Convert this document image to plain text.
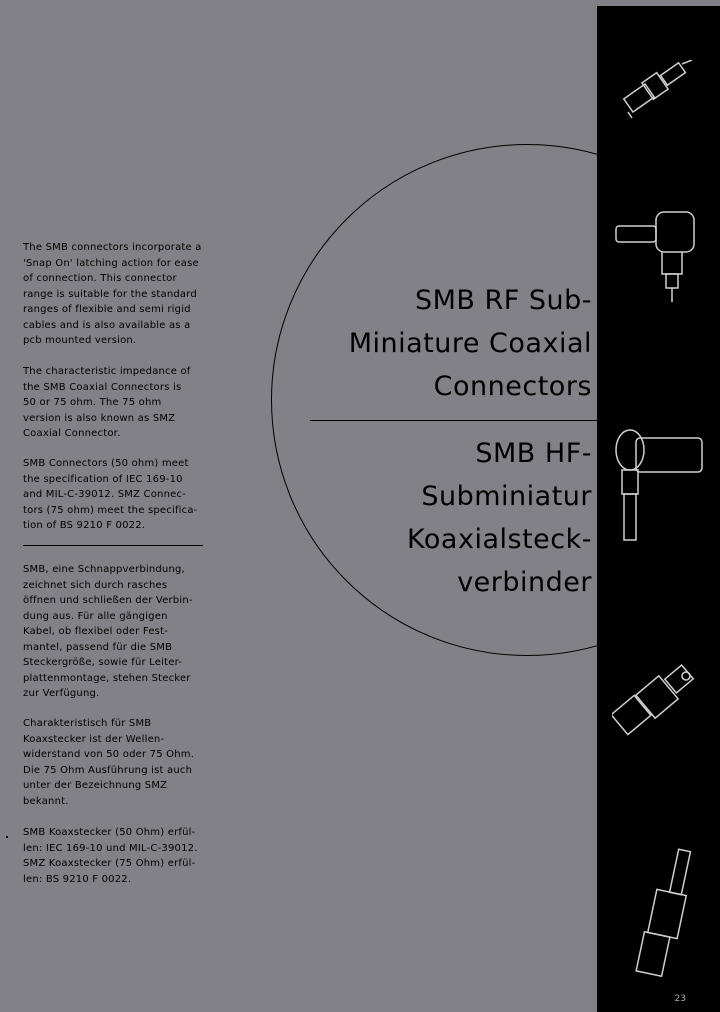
SMB RF Sub-
Miniature Coaxial
Connectors
SMB HF-
Subminiatur
Koaxialsteck-
verbinder

The SMB connectors incorporate a
'Snap On' latching action for ease
of connection. This connector
range is suitable for the standard
ranges of flexible and semi rigid
cables and is also available as a
pcb mounted version.

The characteristic impedance of
the SMB Coaxial Connectors is
50 or 75 ohm. The 75 ohm
version is also known as SMZ
Coaxial Connector.

SMB Connectors (50 ohm) meet
the specification of IEC 169-10
and MIL-C-39012. SMZ Connec-
tors (75 ohm) meet the specifica-
tion of BS 9210 F 0022.

SMB, eine Schnappverbindung,
zeichnet sich durch rasches
öffnen und schließen der Verbin-
dung aus. Für alle gängigen
Kabel, ob flexibel oder Fest-
mantel, passend für die SMB
Steckergröße, sowie für Leiter-
plattenmontage, stehen Stecker
zur Verfügung.

Charakteristisch für SMB
Koaxstecker ist der Wellen-
widerstand von 50 oder 75 Ohm.
Die 75 Ohm Ausführung ist auch
unter der Bezeichnung SMZ
bekannt.

SMB Koaxstecker (50 Ohm) erfül-
len: IEC 169-10 und MIL-C-39012.
SMZ Koaxstecker (75 Ohm) erfül-
len: BS 9210 F 0022.

23
